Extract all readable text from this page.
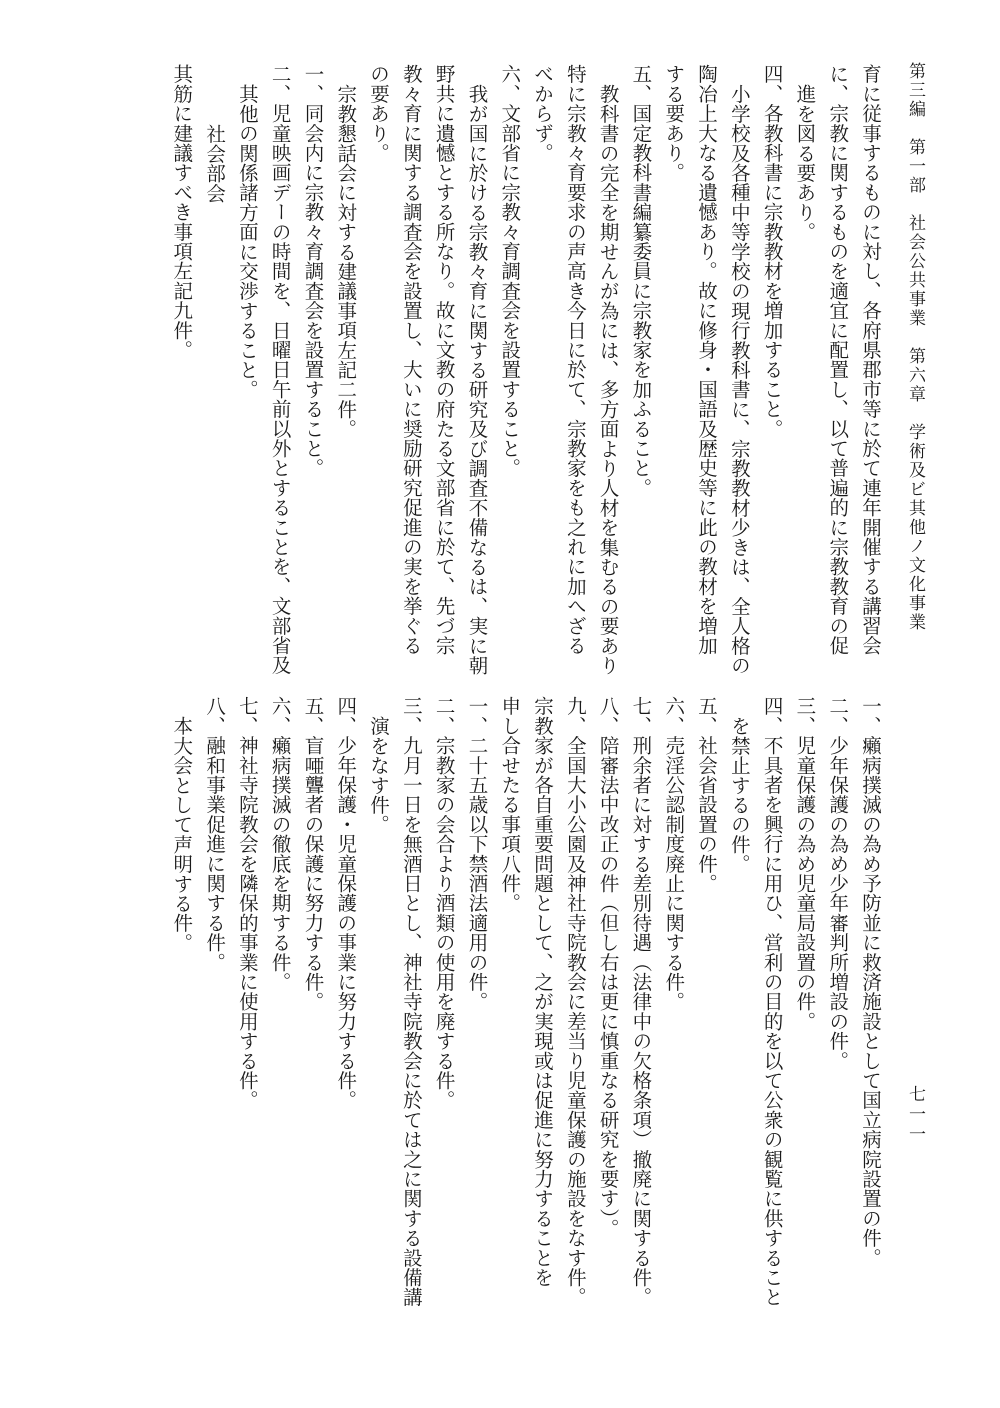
第三編　第一部　社会公共事業　第六章　学術及ビ其他ノ文化事業
七一一
育に従事するものに対し、各府県郡市等に於て連年開催する講習会
に、宗教に関するものを適宜に配置し、以て普遍的に宗教教育の促
進を図る要あり。
四、各教科書に宗教教材を増加すること。
小学校及各種中等学校の現行教科書に、宗教教材少きは、全人格の
陶冶上大なる遺憾あり。故に修身・国語及歴史等に此の教材を増加
する要あり。
五、国定教科書編纂委員に宗教家を加ふること。
教科書の完全を期せんが為には、多方面より人材を集むるの要あり
特に宗教々育要求の声高き今日に於て、宗教家をも之れに加へざる
べからず。
六、文部省に宗教々育調査会を設置すること。
我が国に於ける宗教々育に関する研究及び調査不備なるは、実に朝
野共に遺憾とする所なり。故に文教の府たる文部省に於て、先づ宗
教々育に関する調査会を設置し、大いに奨励研究促進の実を挙ぐる
の要あり。
宗教懇話会に対する建議事項左記二件。
一、同会内に宗教々育調査会を設置すること。
二、児童映画デーの時間を、日曜日午前以外とすることを、文部省及
其他の関係諸方面に交渉すること。
社会部会
其筋に建議すべき事項左記九件。
一、癩病撲滅の為め予防並に救済施設として国立病院設置の件。
二、少年保護の為め少年審判所増設の件。
三、児童保護の為め児童局設置の件。
四、不具者を興行に用ひ、営利の目的を以て公衆の観覧に供すること
を禁止するの件。
五、社会省設置の件。
六、売淫公認制度廃止に関する件。
七、刑余者に対する差別待遇（法律中の欠格条項）撤廃に関する件。
八、陪審法中改正の件（但し右は更に慎重なる研究を要す）。
九、全国大小公園及神社寺院教会に差当り児童保護の施設をなす件。
宗教家が各自重要問題として、之が実現或は促進に努力することを
申し合せたる事項八件。
一、二十五歳以下禁酒法適用の件。
二、宗教家の会合より酒類の使用を廃する件。
三、九月一日を無酒日とし、神社寺院教会に於ては之に関する設備講
演をなす件。
四、少年保護・児童保護の事業に努力する件。
五、盲唖聾者の保護に努力する件。
六、癩病撲滅の徹底を期する件。
七、神社寺院教会を隣保的事業に使用する件。
八、融和事業促進に関する件。
本大会として声明する件。
